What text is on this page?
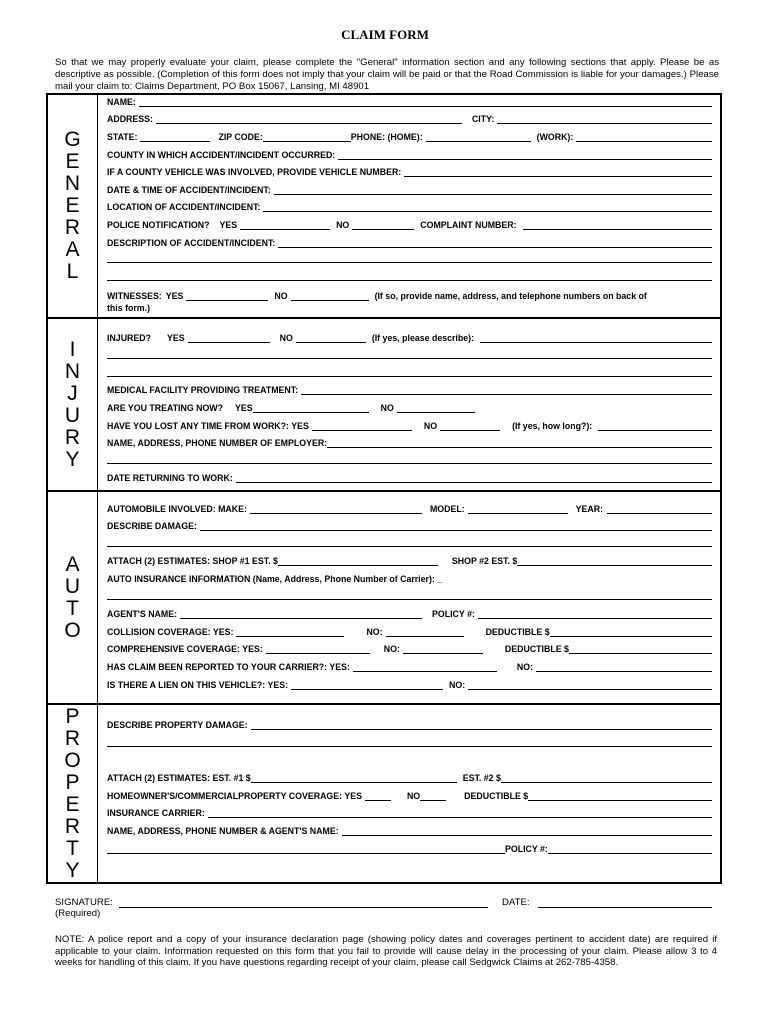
CLAIM FORM
So that we may properly evaluate your claim, please complete the "General" information section and any following sections that apply. Please be as descriptive as possible. (Completion of this form does not imply that your claim will be paid or that the Road Commission is liable for your damages.) Please mail your claim to: Claims Department, PO Box 15067, Lansing, MI 48901
G
E
N
E
R
A
L
NAME:
ADDRESS:	CITY:
STATE:	ZIP CODE:	PHONE: (HOME):	(WORK):
COUNTY IN WHICH ACCIDENT/INCIDENT OCCURRED:
IF A COUNTY VEHICLE WAS INVOLVED, PROVIDE VEHICLE NUMBER:
DATE & TIME OF ACCIDENT/INCIDENT:
LOCATION OF ACCIDENT/INCIDENT:
POLICE NOTIFICATION? YES	NO	COMPLAINT NUMBER:
DESCRIPTION OF ACCIDENT/INCIDENT:
WITNESSES: YES	NO	(If so, provide name, address, and telephone numbers on back of
this form.)
I
N
J
U
R
Y
INJURED? YES	NO	(If yes, please describe):
MEDICAL FACILITY PROVIDING TREATMENT:
ARE YOU TREATING NOW? YES	NO
HAVE YOU LOST ANY TIME FROM WORK?: YES	NO	(If yes, how long?):
NAME, ADDRESS, PHONE NUMBER OF EMPLOYER:
DATE RETURNING TO WORK:
A
U
T
O
AUTOMOBILE INVOLVED: MAKE:	MODEL:	YEAR:
DESCRIBE DAMAGE:
ATTACH (2) ESTIMATES: SHOP #1 EST. $	SHOP #2 EST. $
AUTO INSURANCE INFORMATION (Name, Address, Phone Number of Carrier): _
AGENT'S NAME:	POLICY #:
COLLISION COVERAGE: YES:	NO:	DEDUCTIBLE $
COMPREHENSIVE COVERAGE: YES:	NO:	DEDUCTIBLE $
HAS CLAIM BEEN REPORTED TO YOUR CARRIER?: YES:	NO:
IS THERE A LIEN ON THIS VEHICLE?: YES:	NO:
P
R
O
P
E
R
T
Y
DESCRIBE PROPERTY DAMAGE:
ATTACH (2) ESTIMATES: EST. #1 $	EST. #2 $
HOMEOWNER'S/COMMERCIALPROPERTY COVERAGE: YES	NO	DEDUCTIBLE $
INSURANCE CARRIER:
NAME, ADDRESS, PHONE NUMBER & AGENT'S NAME:
POLICY #:
SIGNATURE:
(Required)
DATE:
NOTE: A police report and a copy of your insurance declaration page (showing policy dates and coverages pertinent to accident date) are required if applicable to your claim. Information requested on this form that you fail to provide will cause delay in the processing of your claim. Please allow 3 to 4 weeks for handling of this claim. If you have questions regarding receipt of your claim, please call Sedgwick Claims at 262-785-4358.
